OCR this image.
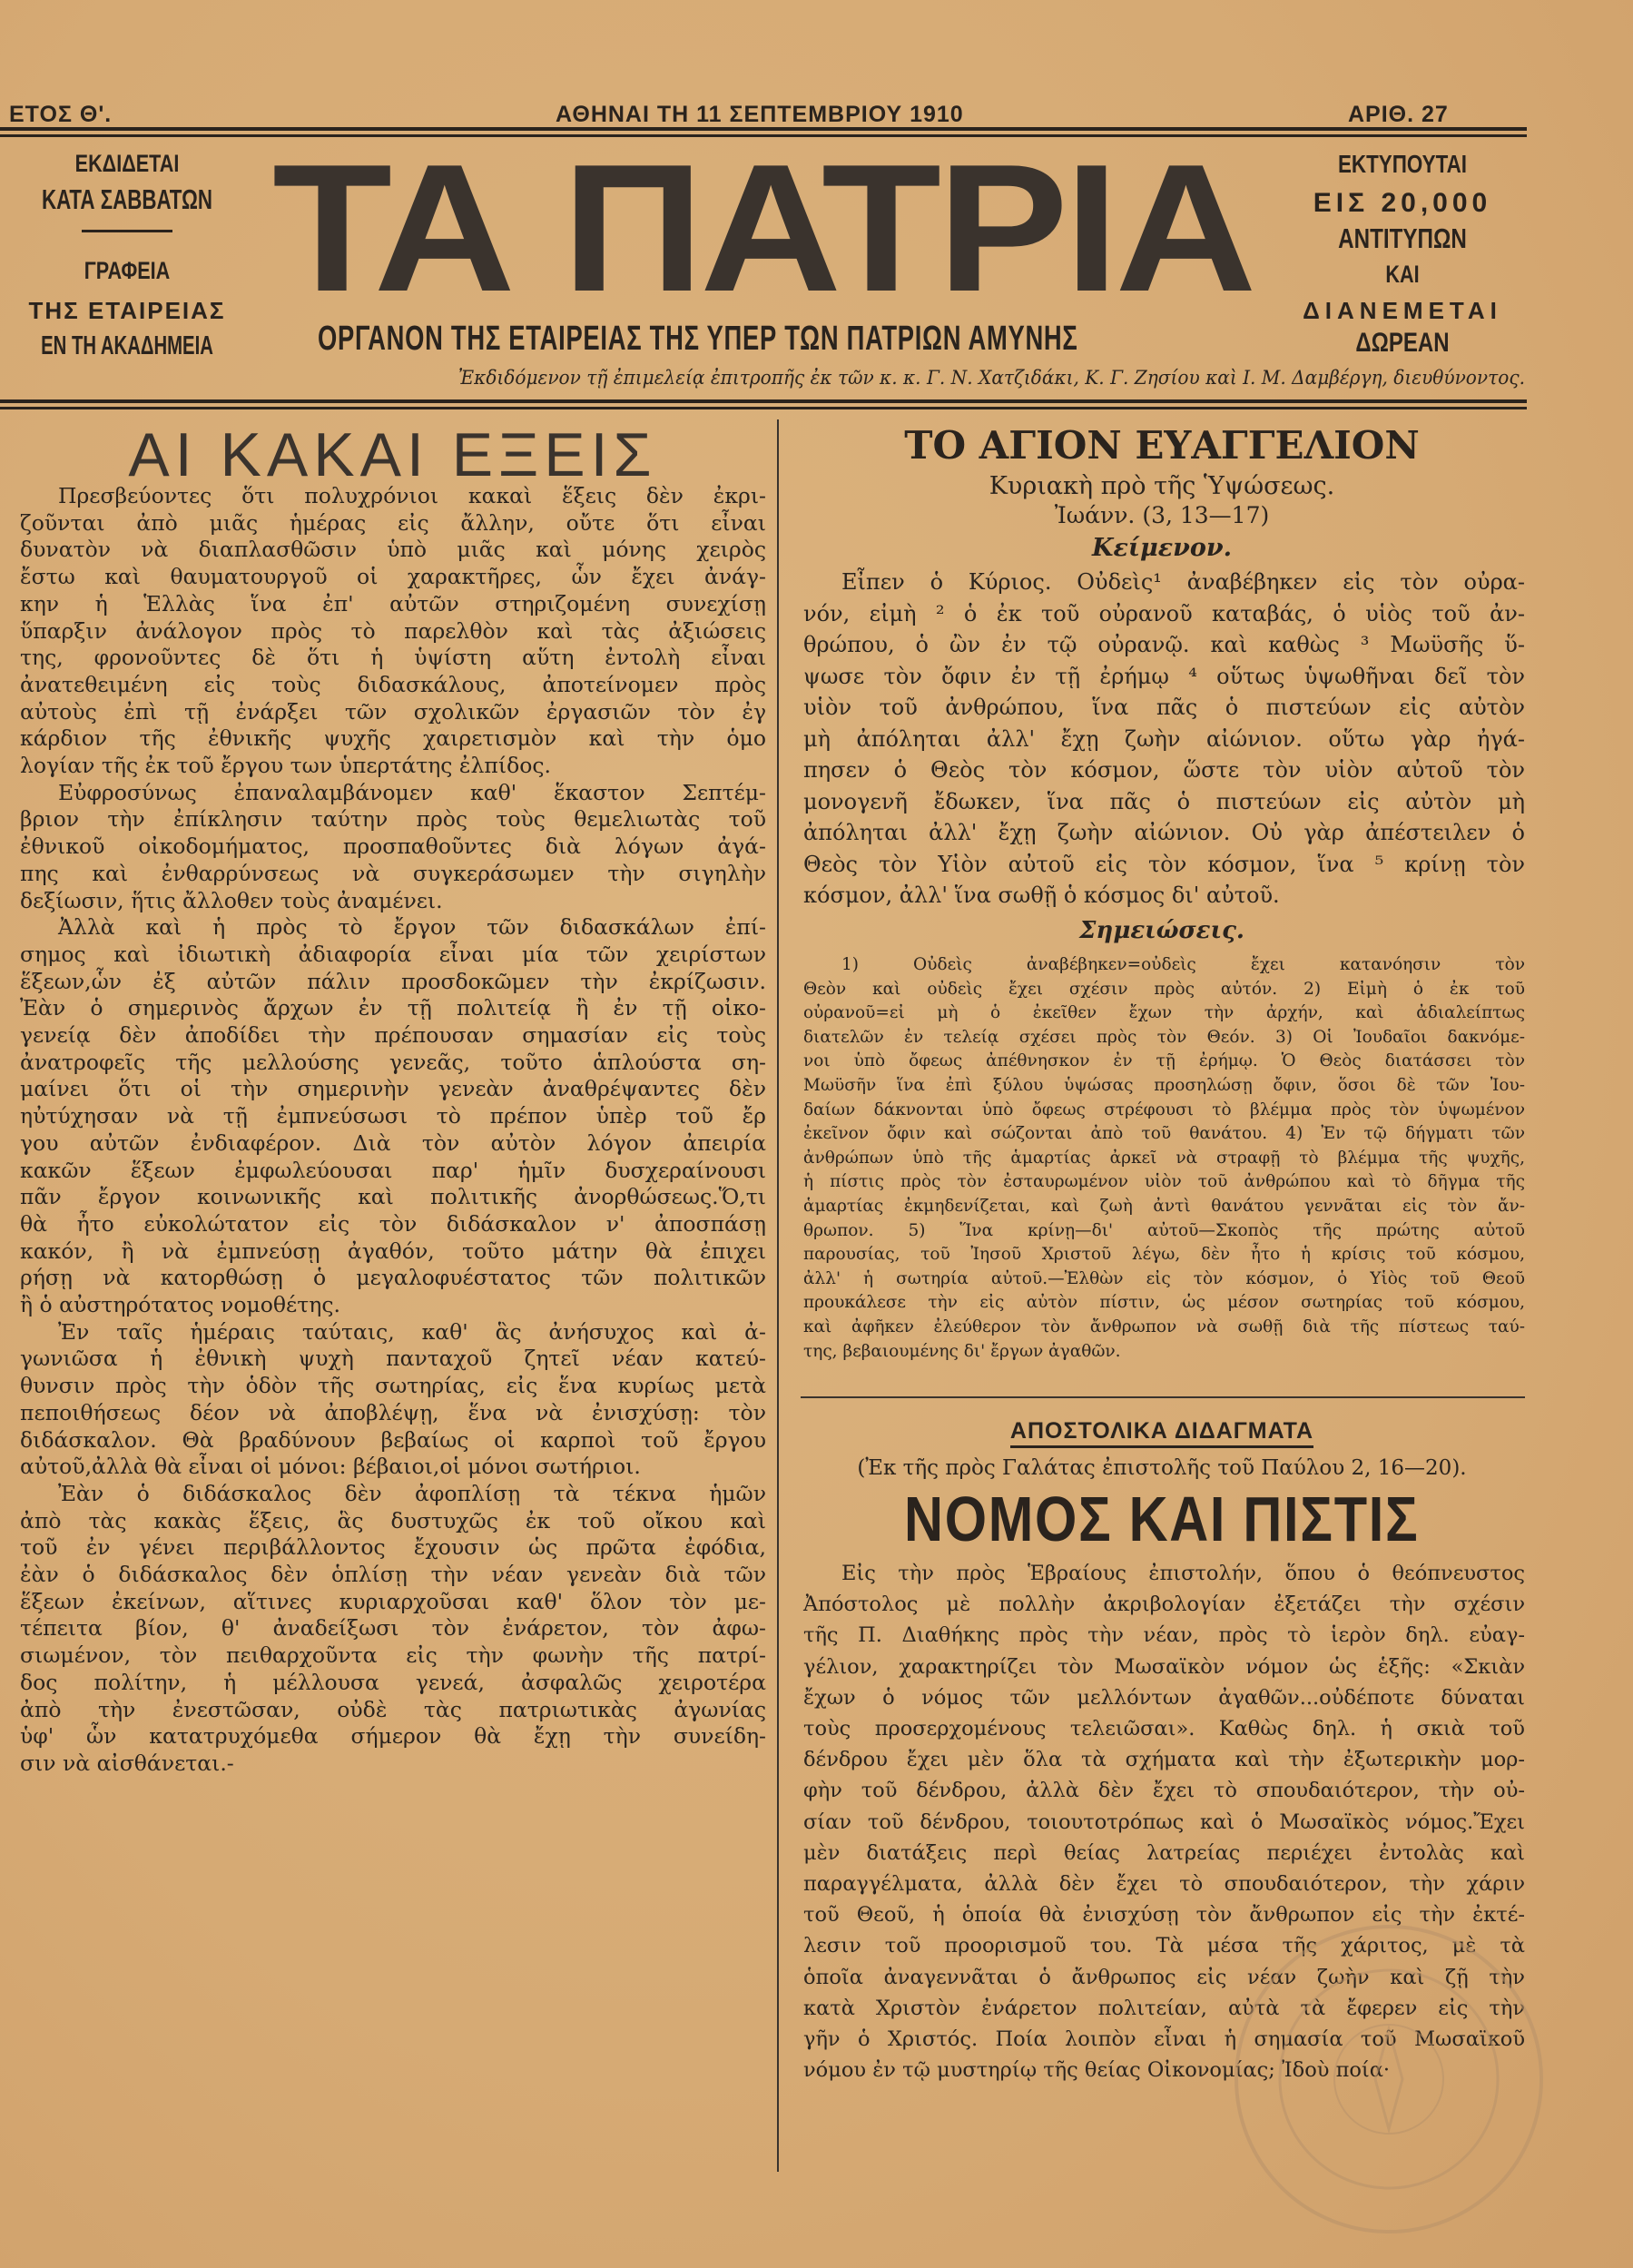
ΕΤΟΣ Θ'.	ΑΘΗΝΑΙ ΤΗ 11 ΣΕΠΤΕΜΒΡΙΟΥ 1910	ΑΡΙΘ. 27
ΕΚΔΙΔΕΤΑΙ
ΚΑΤΑ ΣΑΒΒΑΤΩΝ
ΓΡΑΦΕΙΑ
ΤΗΣ ΕΤΑΙΡΕΙΑΣ
ΕΝ ΤΗ ΑΚΑΔΗΜΕΙΑ
ΤΑ ΠΑΤΡΙΑ
ΟΡΓΑΝΟΝ ΤΗΣ ΕΤΑΙΡΕΙΑΣ ΤΗΣ ΥΠΕΡ ΤΩΝ ΠΑΤΡΙΩΝ ΑΜΥΝΗΣ
ΕΚΤΥΠΟΥΤΑΙ
ΕΙΣ 20,000
ΑΝΤΙΤΥΠΩΝ
ΚΑΙ
ΔΙΑΝΕΜΕΤΑΙ
ΔΩΡΕΑΝ
Ἐκδιδόμενον τῇ ἐπιμελείᾳ ἐπιτροπῆς ἐκ τῶν κ. κ. Γ. Ν. Χατζιδάκι, Κ. Γ. Ζησίου καὶ Ι. Μ. Δαμβέργη, διευθύνοντος.
ΑΙ ΚΑΚΑΙ ΕΞΕΙΣ
Πρεσβεύοντες ὅτι πολυχρόνιοι κακαὶ ἕξεις δὲν ἐκρι-
ζοῦνται ἀπὸ μιᾶς ἡμέρας εἰς ἄλλην, οὔτε ὅτι εἶναι
δυνατὸν νὰ διαπλασθῶσιν ὑπὸ μιᾶς καὶ μόνης χειρὸς
ἔστω καὶ θαυματουργοῦ οἱ χαρακτῆρες, ὧν ἔχει ἀνάγ-
κην ἡ Ἑλλὰς ἵνα ἐπ' αὐτῶν στηριζομένη συνεχίσῃ
ὕπαρξιν ἀνάλογον πρὸς τὸ παρελθὸν καὶ τὰς ἀξιώσεις
της, φρονοῦντες δὲ ὅτι ἡ ὑψίστη αὕτη ἐντολὴ εἶναι
ἀνατεθειμένη εἰς τοὺς διδασκάλους, ἀποτείνομεν πρὸς
αὐτοὺς ἐπὶ τῇ ἐνάρξει τῶν σχολικῶν ἐργασιῶν τὸν ἐγ
κάρδιον τῆς ἐθνικῆς ψυχῆς χαιρετισμὸν καὶ τὴν ὁμο
λογίαν τῆς ἐκ τοῦ ἔργου των ὑπερτάτης ἐλπίδος.
Εὐφροσύνως ἐπαναλαμβάνομεν καθ' ἕκαστον Σεπτέμ-
βριον τὴν ἐπίκλησιν ταύτην πρὸς τοὺς θεμελιωτὰς τοῦ
ἐθνικοῦ οἰκοδομήματος, προσπαθοῦντες διὰ λόγων ἀγά-
πης καὶ ἐνθαρρύνσεως νὰ συγκεράσωμεν τὴν σιγηλὴν
δεξίωσιν, ἥτις ἄλλοθεν τοὺς ἀναμένει.
Ἀλλὰ καὶ ἡ πρὸς τὸ ἔργον τῶν διδασκάλων ἐπί-
σημος καὶ ἰδιωτικὴ ἀδιαφορία εἶναι μία τῶν χειρίστων
ἕξεων,ὧν ἐξ αὐτῶν πάλιν προσδοκῶμεν τὴν ἐκρίζωσιν.
Ἐὰν ὁ σημερινὸς ἄρχων ἐν τῇ πολιτείᾳ ἢ ἐν τῇ οἰκο-
γενείᾳ δὲν ἀποδίδει τὴν πρέπουσαν σημασίαν εἰς τοὺς
ἀνατροφεῖς τῆς μελλούσης γενεᾶς, τοῦτο ἁπλούστα ση-
μαίνει ὅτι οἱ τὴν σημερινὴν γενεὰν ἀναθρέψαντες δὲν
ηὐτύχησαν νὰ τῇ ἐμπνεύσωσι τὸ πρέπον ὑπὲρ τοῦ ἔρ
γου αὐτῶν ἐνδιαφέρον. Διὰ τὸν αὐτὸν λόγον ἀπειρία
κακῶν ἕξεων ἐμφωλεύουσαι παρ' ἡμῖν δυσχεραίνουσι
πᾶν ἔργον κοινωνικῆς καὶ πολιτικῆς ἀνορθώσεως.Ὅ,τι
θὰ ἦτο εὐκολώτατον εἰς τὸν διδάσκαλον ν' ἀποσπάσῃ
κακόν, ἢ νὰ ἐμπνεύσῃ ἀγαθόν, τοῦτο μάτην θὰ ἐπιχει
ρήσῃ νὰ κατορθώσῃ ὁ μεγαλοφυέστατος τῶν πολιτικῶν
ἢ ὁ αὐστηρότατος νομοθέτης.
Ἐν ταῖς ἡμέραις ταύταις, καθ' ἃς ἀνήσυχος καὶ ἀ-
γωνιῶσα ἡ ἐθνικὴ ψυχὴ πανταχοῦ ζητεῖ νέαν κατεύ-
θυνσιν πρὸς τὴν ὁδὸν τῆς σωτηρίας, εἰς ἕνα κυρίως μετὰ
πεποιθήσεως δέον νὰ ἀποβλέψῃ, ἕνα νὰ ἐνισχύσῃ: τὸν
διδάσκαλον. Θὰ βραδύνουν βεβαίως οἱ καρποὶ τοῦ ἔργου
αὐτοῦ,ἀλλὰ θὰ εἶναι οἱ μόνοι: βέβαιοι,οἱ μόνοι σωτήριοι.
Ἐὰν ὁ διδάσκαλος δὲν ἀφοπλίσῃ τὰ τέκνα ἡμῶν
ἀπὸ τὰς κακὰς ἕξεις, ἃς δυστυχῶς ἐκ τοῦ οἴκου καὶ
τοῦ ἐν γένει περιβάλλοντος ἔχουσιν ὡς πρῶτα ἐφόδια,
ἐὰν ὁ διδάσκαλος δὲν ὁπλίσῃ τὴν νέαν γενεὰν διὰ τῶν
ἕξεων ἐκείνων, αἵτινες κυριαρχοῦσαι καθ' ὅλον τὸν με-
τέπειτα βίον, θ' ἀναδείξωσι τὸν ἐνάρετον, τὸν ἀφω-
σιωμένον, τὸν πειθαρχοῦντα εἰς τὴν φωνὴν τῆς πατρί-
δος πολίτην, ἡ μέλλουσα γενεά, ἀσφαλῶς χειροτέρα
ἀπὸ τὴν ἐνεστῶσαν, οὐδὲ τὰς πατριωτικὰς ἀγωνίας
ὑφ' ὧν κατατρυχόμεθα σήμερον θὰ ἔχῃ τὴν συνείδη-
σιν νὰ αἰσθάνεται.-
ΤΟ ΑΓΙΟΝ ΕΥΑΓΓΕΛΙΟΝ
Κυριακὴ πρὸ τῆς Ὑψώσεως.
Ἰωάνν. (3, 13—17)
Κείμενον.
Εἶπεν ὁ Κύριος. Οὐδεὶς¹ ἀναβέβηκεν εἰς τὸν οὐρα-
νόν, εἰμὴ ² ὁ ἐκ τοῦ οὐρανοῦ καταβάς, ὁ υἱὸς τοῦ ἀν-
θρώπου, ὁ ὢν ἐν τῷ οὐρανῷ. καὶ καθὼς ³ Μωϋσῆς ὕ-
ψωσε τὸν ὄφιν ἐν τῇ ἐρήμῳ ⁴ οὕτως ὑψωθῆναι δεῖ τὸν
υἱὸν τοῦ ἀνθρώπου, ἵνα πᾶς ὁ πιστεύων εἰς αὐτὸν
μὴ ἀπόληται ἀλλ' ἔχῃ ζωὴν αἰώνιον. οὕτω γὰρ ἠγά-
πησεν ὁ Θεὸς τὸν κόσμον, ὥστε τὸν υἱὸν αὐτοῦ τὸν
μονογενῆ ἔδωκεν, ἵνα πᾶς ὁ πιστεύων εἰς αὐτὸν μὴ
ἀπόληται ἀλλ' ἔχῃ ζωὴν αἰώνιον. Οὐ γὰρ ἀπέστειλεν ὁ
Θεὸς τὸν Υἱὸν αὐτοῦ εἰς τὸν κόσμον, ἵνα ⁵ κρίνῃ τὸν
κόσμον, ἀλλ' ἵνα σωθῇ ὁ κόσμος δι' αὐτοῦ.
Σημειώσεις.
1) Οὐδεὶς ἀναβέβηκεν=οὐδεὶς ἔχει κατανόησιν τὸν
Θεὸν καὶ οὐδεὶς ἔχει σχέσιν πρὸς αὐτόν. 2) Εἰμὴ ὁ ἐκ τοῦ
οὐρανοῦ=εἰ μὴ ὁ ἐκεῖθεν ἔχων τὴν ἀρχήν, καὶ ἀδιαλείπτως
διατελῶν ἐν τελείᾳ σχέσει πρὸς τὸν Θεόν. 3) Οἱ Ἰουδαῖοι δακνόμε-
νοι ὑπὸ ὄφεως ἀπέθνησκον ἐν τῇ ἐρήμῳ. Ὁ Θεὸς διατάσσει τὸν
Μωϋσῆν ἵνα ἐπὶ ξύλου ὑψώσας προσηλώσῃ ὄφιν, ὅσοι δὲ τῶν Ἰου-
δαίων δάκνονται ὑπὸ ὄφεως στρέφουσι τὸ βλέμμα πρὸς τὸν ὑψωμένον
ἐκεῖνον ὄφιν καὶ σώζονται ἀπὸ τοῦ θανάτου. 4) Ἐν τῷ δήγματι τῶν
ἀνθρώπων ὑπὸ τῆς ἁμαρτίας ἀρκεῖ νὰ στραφῇ τὸ βλέμμα τῆς ψυχῆς,
ἡ πίστις πρὸς τὸν ἐσταυρωμένον υἱὸν τοῦ ἀνθρώπου καὶ τὸ δῆγμα τῆς
ἁμαρτίας ἐκμηδενίζεται, καὶ ζωὴ ἀντὶ θανάτου γεννᾶται εἰς τὸν ἄν-
θρωπον. 5) Ἵνα κρίνῃ—δι' αὐτοῦ—Σκοπὸς τῆς πρώτης αὐτοῦ
παρουσίας, τοῦ Ἰησοῦ Χριστοῦ λέγω, δὲν ἦτο ἡ κρίσις τοῦ κόσμου,
ἀλλ' ἡ σωτηρία αὐτοῦ.—Ἐλθὼν εἰς τὸν κόσμον, ὁ Υἱὸς τοῦ Θεοῦ
προυκάλεσε τὴν εἰς αὐτὸν πίστιν, ὡς μέσον σωτηρίας τοῦ κόσμου,
καὶ ἀφῆκεν ἐλεύθερον τὸν ἄνθρωπον νὰ σωθῇ διὰ τῆς πίστεως ταύ-
της, βεβαιουμένης δι' ἔργων ἀγαθῶν.
ΑΠΟΣΤΟΛΙΚΑ ΔΙΔΑΓΜΑΤΑ
(Ἐκ τῆς πρὸς Γαλάτας ἐπιστολῆς τοῦ Παύλου 2, 16—20).
ΝΟΜΟΣ ΚΑΙ ΠΙΣΤΙΣ
Εἰς τὴν πρὸς Ἑβραίους ἐπιστολήν, ὅπου ὁ θεόπνευστος
Ἀπόστολος μὲ πολλὴν ἀκριβολογίαν ἐξετάζει τὴν σχέσιν
τῆς Π. Διαθήκης πρὸς τὴν νέαν, πρὸς τὸ ἱερὸν δηλ. εὐαγ-
γέλιον, χαρακτηρίζει τὸν Μωσαϊκὸν νόμον ὡς ἑξῆς: «Σκιὰν
ἔχων ὁ νόμος τῶν μελλόντων ἀγαθῶν...οὐδέποτε δύναται
τοὺς προσερχομένους τελειῶσαι». Καθὼς δηλ. ἡ σκιὰ τοῦ
δένδρου ἔχει μὲν ὅλα τὰ σχήματα καὶ τὴν ἐξωτερικὴν μορ-
φὴν τοῦ δένδρου, ἀλλὰ δὲν ἔχει τὸ σπουδαιότερον, τὴν οὐ-
σίαν τοῦ δένδρου, τοιουτοτρόπως καὶ ὁ Μωσαϊκὸς νόμος.Ἔχει
μὲν διατάξεις περὶ θείας λατρείας περιέχει ἐντολὰς καὶ
παραγγέλματα, ἀλλὰ δὲν ἔχει τὸ σπουδαιότερον, τὴν χάριν
τοῦ Θεοῦ, ἡ ὁποία θὰ ἐνισχύσῃ τὸν ἄνθρωπον εἰς τὴν ἐκτέ-
λεσιν τοῦ προορισμοῦ του. Τὰ μέσα τῆς χάριτος, μὲ τὰ
ὁποῖα ἀναγεννᾶται ὁ ἄνθρωπος εἰς νέαν ζωὴν καὶ ζῇ τὴν
κατὰ Χριστὸν ἐνάρετον πολιτείαν, αὐτὰ τὰ ἔφερεν εἰς τὴν
γῆν ὁ Χριστός. Ποία λοιπὸν εἶναι ἡ σημασία τοῦ Μωσαϊκοῦ
νόμου ἐν τῷ μυστηρίῳ τῆς θείας Οἰκονομίας; Ἰδοὺ ποία·
